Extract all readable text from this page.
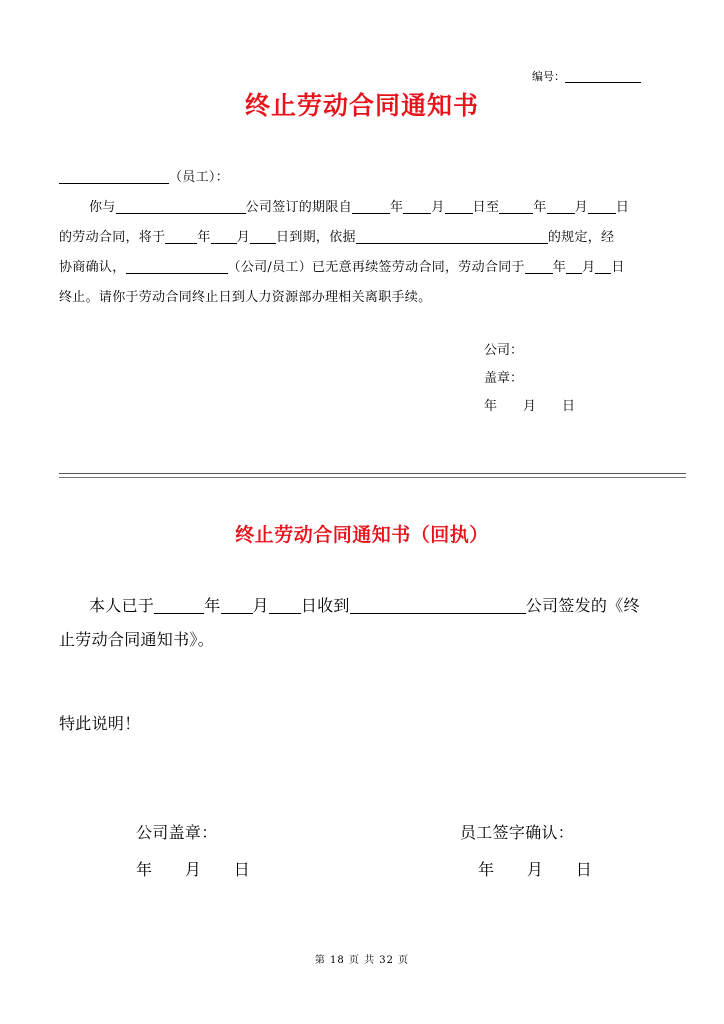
编号：
终止劳动合同通知书
（员工）：
你与	公司签订的期限自	年 月 日至	年 月 日
的劳动合同，将于 年 月 日到期，依据	的规定，经
协商确认，	（公司/员工）已无意再续签劳动合同，劳动合同于 年 月 日
终止。请你于劳动合同终止日到人力资源部办理相关离职手续。
公司：
盖章：
年　　月　　日
终止劳动合同通知书（回执）
本人已于	年 月 日收到	公司签发的《终
止劳动合同通知书》。
特此说明！
公司盖章：	员工签字确认：
年　　月　　日	年　　月　　日
第 18 页 共 32 页
